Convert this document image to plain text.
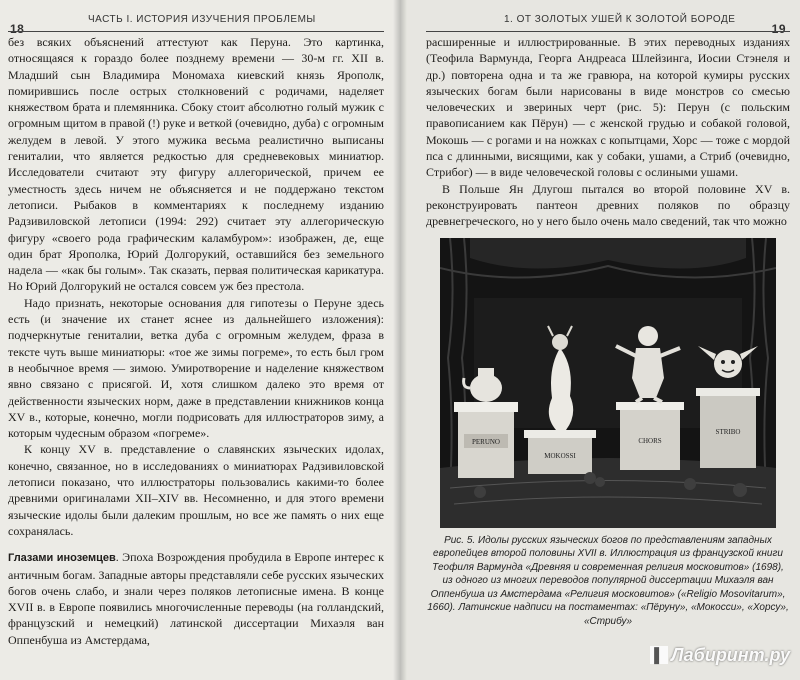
18
ЧАСТЬ I. ИСТОРИЯ ИЗУЧЕНИЯ ПРОБЛЕМЫ

без всяких объяснений аттестуют как Перуна. Это картинка, относящаяся к гораздо более позднему времени — 30-м гг. XII в. Младший сын Владимира Мономаха киевский князь Ярополк, помирившись после острых столкновений с родичами, наделяет княжеством брата и племянника. Сбоку стоит абсолютно голый мужик с огромным щитом в правой (!) руке и веткой (очевидно, дуба) с огромным желудем в левой. У этого мужика весьма реалистично выписаны гениталии, что является редкостью для средневековых миниатюр. Исследователи считают эту фигуру аллегорической, причем ее уместность здесь ничем не объясняется и не поддержано текстом летописи. Рыбаков в комментариях к последнему изданию Радзивиловской летописи (1994: 292) считает эту аллегорическую фигуру «своего рода графическим каламбуром»: изображен, де, еще один брат Ярополка, Юрий Долгорукий, оставшийся без земельного надела — «как бы голым». Так сказать, первая политическая карикатура. Но Юрий Долгорукий не остался совсем уж без престола.

Надо признать, некоторые основания для гипотезы о Перуне здесь есть (и значение их станет яснее из дальнейшего изложения): подчеркнутые гениталии, ветка дуба с огромным желудем, фраза в тексте чуть выше миниатюры: «тое же зимы погреме», то есть был гром в необычное время — зимою. Умиротворение и наделение княжеством явно связано с присягой. И, хотя слишком далеко это время от действенности языческих норм, даже в представлении книжников конца XV в., которые, конечно, могли подрисовать для иллюстраторов зиму, а которым чудесным образом «погреме».

К концу XV в. представление о славянских языческих идолах, конечно, связанное, но в исследованиях о миниатюрах Радзивиловской летописи показано, что иллюстраторы пользовались какими-то более древними оригиналами XII–XIV вв. Несомненно, и для этого времени языческие идолы были далеким прошлым, но все же память о них еще сохранялась.

Глазами иноземцев. Эпоха Возрождения пробудила в Европе интерес к античным богам. Западные авторы представляли себе русских языческих богов очень слабо, и знали через поляков летописные имена. В конце XVII в. в Европе появились многочисленные переводы (на голландский, французский и немецкий) латинской диссертации Михаэля ван Оппенбуша из Амстердама,

1. ОТ ЗОЛОТЫХ УШЕЙ К ЗОЛОТОЙ БОРОДЕ
19

расширенные и иллюстрированные. В этих переводных изданиях (Теофила Вармунда, Георга Андреаса Шлейзинга, Иосии Стэнеля и др.) повторена одна и та же гравюра, на которой кумиры русских языческих богам были нарисованы в виде монстров со смесью человеческих и звериных черт (рис. 5): Перун (с польским правописанием как Пёрун) — с женской грудью и собакой головой, Мокошь — с рогами и на ножках с копытцами, Хорс — тоже с мордой пса с длинными, висящими, как у собаки, ушами, а Стриб (очевидно, Стрибог) — в виде человеческой головы с ослиными ушами.

В Польше Ян Длугош пытался во второй половине XV в. реконструировать пантеон древних поляков по образцу древнегреческого, но у него было очень мало сведений, так что можно

PERUNO
MOKOSSI
CHORS
STRIBO
Рис. 5. Идолы русских языческих богов по представлениям западных европейцев второй половины XVII в. Иллюстрация из французской книги Теофиля Вармунда «Древняя и современная религия московитов» (1698), из одного из многих переводов популярной диссертации Михаэля ван Оппенбуша из Амстердама «Религия московитов» («Religio Mosovitarum», 1660). Латинские надписи на постаментах: «Пёруну», «Мокосси», «Хорсу», «Стрибу»
▌ Лабиринт.ру
